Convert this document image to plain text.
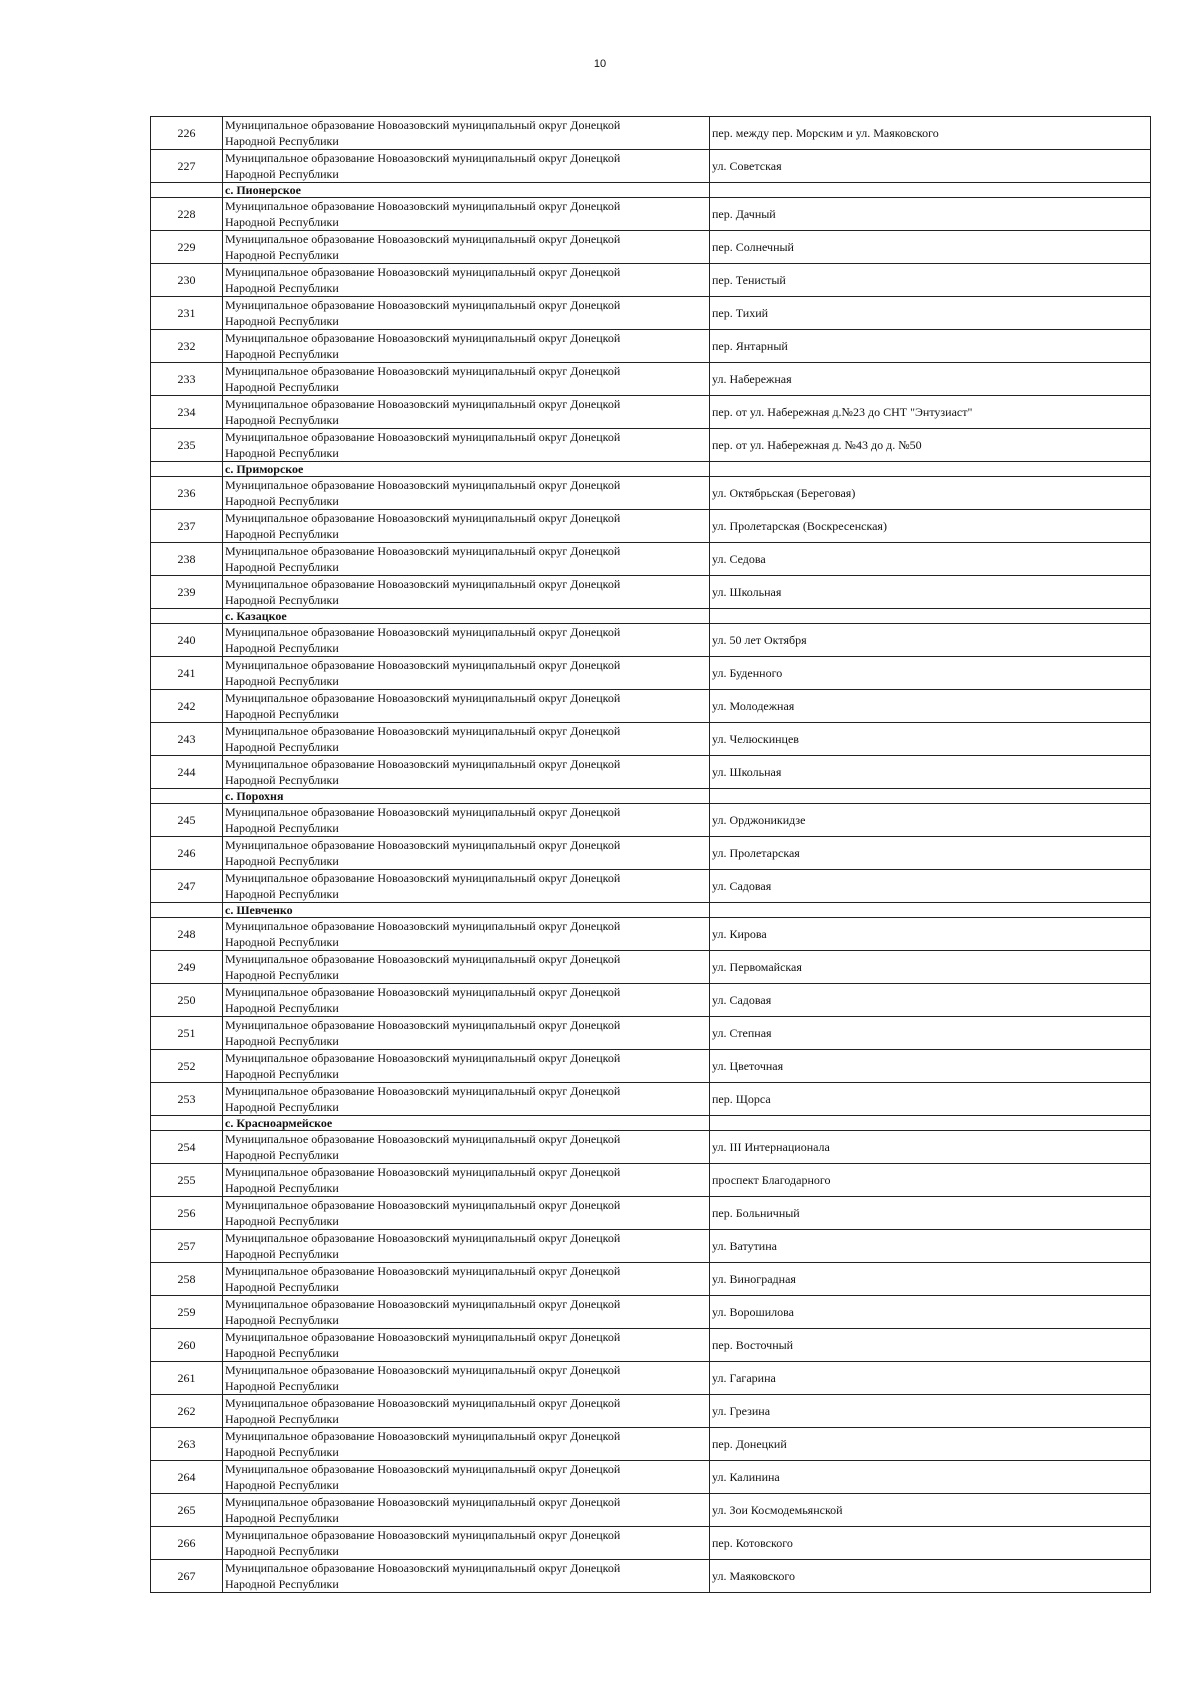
10
226	Муниципальное образование Новоазовский муниципальный округ Донецкой
Народной Республики	пер. между пер. Морским и ул. Маяковского
227	Муниципальное образование Новоазовский муниципальный округ Донецкой
Народной Республики	ул. Советская
	с. Пионерское	
228	Муниципальное образование Новоазовский муниципальный округ Донецкой
Народной Республики	пер. Дачный
229	Муниципальное образование Новоазовский муниципальный округ Донецкой
Народной Республики	пер. Солнечный
230	Муниципальное образование Новоазовский муниципальный округ Донецкой
Народной Республики	пер. Тенистый
231	Муниципальное образование Новоазовский муниципальный округ Донецкой
Народной Республики	пер. Тихий
232	Муниципальное образование Новоазовский муниципальный округ Донецкой
Народной Республики	пер. Янтарный
233	Муниципальное образование Новоазовский муниципальный округ Донецкой
Народной Республики	ул. Набережная
234	Муниципальное образование Новоазовский муниципальный округ Донецкой
Народной Республики	пер. от ул. Набережная д.№23 до СНТ "Энтузиаст"
235	Муниципальное образование Новоазовский муниципальный округ Донецкой
Народной Республики	пер. от ул. Набережная д. №43 до д. №50
	с. Приморское	
236	Муниципальное образование Новоазовский муниципальный округ Донецкой
Народной Республики	ул. Октябрьская (Береговая)
237	Муниципальное образование Новоазовский муниципальный округ Донецкой
Народной Республики	ул. Пролетарская (Воскресенская)
238	Муниципальное образование Новоазовский муниципальный округ Донецкой
Народной Республики	ул. Седова
239	Муниципальное образование Новоазовский муниципальный округ Донецкой
Народной Республики	ул. Школьная
	с. Казацкое	
240	Муниципальное образование Новоазовский муниципальный округ Донецкой
Народной Республики	ул. 50 лет Октября
241	Муниципальное образование Новоазовский муниципальный округ Донецкой
Народной Республики	ул. Буденного
242	Муниципальное образование Новоазовский муниципальный округ Донецкой
Народной Республики	ул. Молодежная
243	Муниципальное образование Новоазовский муниципальный округ Донецкой
Народной Республики	ул. Челюскинцев
244	Муниципальное образование Новоазовский муниципальный округ Донецкой
Народной Республики	ул. Школьная
	с. Порохня	
245	Муниципальное образование Новоазовский муниципальный округ Донецкой
Народной Республики	ул. Орджоникидзе
246	Муниципальное образование Новоазовский муниципальный округ Донецкой
Народной Республики	ул. Пролетарская
247	Муниципальное образование Новоазовский муниципальный округ Донецкой
Народной Республики	ул. Садовая
	с. Шевченко	
248	Муниципальное образование Новоазовский муниципальный округ Донецкой
Народной Республики	ул. Кирова
249	Муниципальное образование Новоазовский муниципальный округ Донецкой
Народной Республики	ул. Первомайская
250	Муниципальное образование Новоазовский муниципальный округ Донецкой
Народной Республики	ул. Садовая
251	Муниципальное образование Новоазовский муниципальный округ Донецкой
Народной Республики	ул. Степная
252	Муниципальное образование Новоазовский муниципальный округ Донецкой
Народной Республики	ул. Цветочная
253	Муниципальное образование Новоазовский муниципальный округ Донецкой
Народной Республики	пер. Щорса
	с. Красноармейское	
254	Муниципальное образование Новоазовский муниципальный округ Донецкой
Народной Республики	ул. III Интернационала
255	Муниципальное образование Новоазовский муниципальный округ Донецкой
Народной Республики	проспект Благодарного
256	Муниципальное образование Новоазовский муниципальный округ Донецкой
Народной Республики	пер. Больничный
257	Муниципальное образование Новоазовский муниципальный округ Донецкой
Народной Республики	ул. Ватутина
258	Муниципальное образование Новоазовский муниципальный округ Донецкой
Народной Республики	ул. Виноградная
259	Муниципальное образование Новоазовский муниципальный округ Донецкой
Народной Республики	ул. Ворошилова
260	Муниципальное образование Новоазовский муниципальный округ Донецкой
Народной Республики	пер. Восточный
261	Муниципальное образование Новоазовский муниципальный округ Донецкой
Народной Республики	ул. Гагарина
262	Муниципальное образование Новоазовский муниципальный округ Донецкой
Народной Республики	ул. Грезина
263	Муниципальное образование Новоазовский муниципальный округ Донецкой
Народной Республики	пер. Донецкий
264	Муниципальное образование Новоазовский муниципальный округ Донецкой
Народной Республики	ул. Калинина
265	Муниципальное образование Новоазовский муниципальный округ Донецкой
Народной Республики	ул. Зои Космодемьянской
266	Муниципальное образование Новоазовский муниципальный округ Донецкой
Народной Республики	пер. Котовского
267	Муниципальное образование Новоазовский муниципальный округ Донецкой
Народной Республики	ул. Маяковского
